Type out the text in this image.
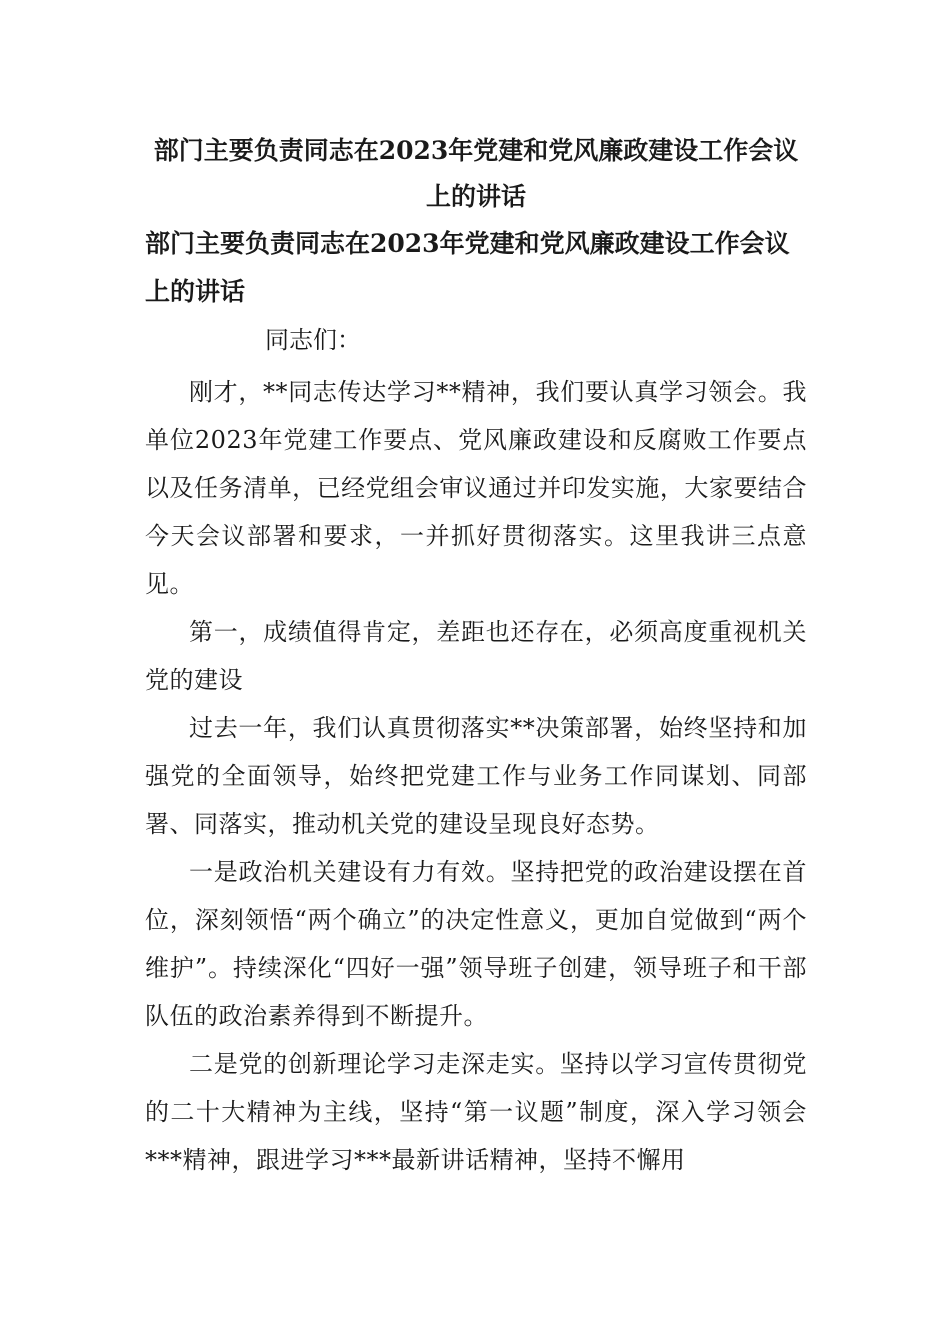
部门主要负责同志在2023年党建和党风廉政建设工作会议
上的讲话
部门主要负责同志在2023年党建和党风廉政建设工作会议
上的讲话

同志们：

刚才，**同志传达学习**精神，我们要认真学习领会。我单位2023年党建工作要点、党风廉政建设和反腐败工作要点以及任务清单，已经党组会审议通过并印发实施，大家要结合今天会议部署和要求，一并抓好贯彻落实。这里我讲三点意见。

第一，成绩值得肯定，差距也还存在，必须高度重视机关党的建设

过去一年，我们认真贯彻落实**决策部署，始终坚持和加强党的全面领导，始终把党建工作与业务工作同谋划、同部署、同落实，推动机关党的建设呈现良好态势。

一是政治机关建设有力有效。坚持把党的政治建设摆在首位，深刻领悟“两个确立”的决定性意义，更加自觉做到“两个维护”。持续深化“四好一强”领导班子创建，领导班子和干部队伍的政治素养得到不断提升。

二是党的创新理论学习走深走实。坚持以学习宣传贯彻党的二十大精神为主线，坚持“第一议题”制度，深入学习领会***精神，跟进学习***最新讲话精神，坚持不懈用
